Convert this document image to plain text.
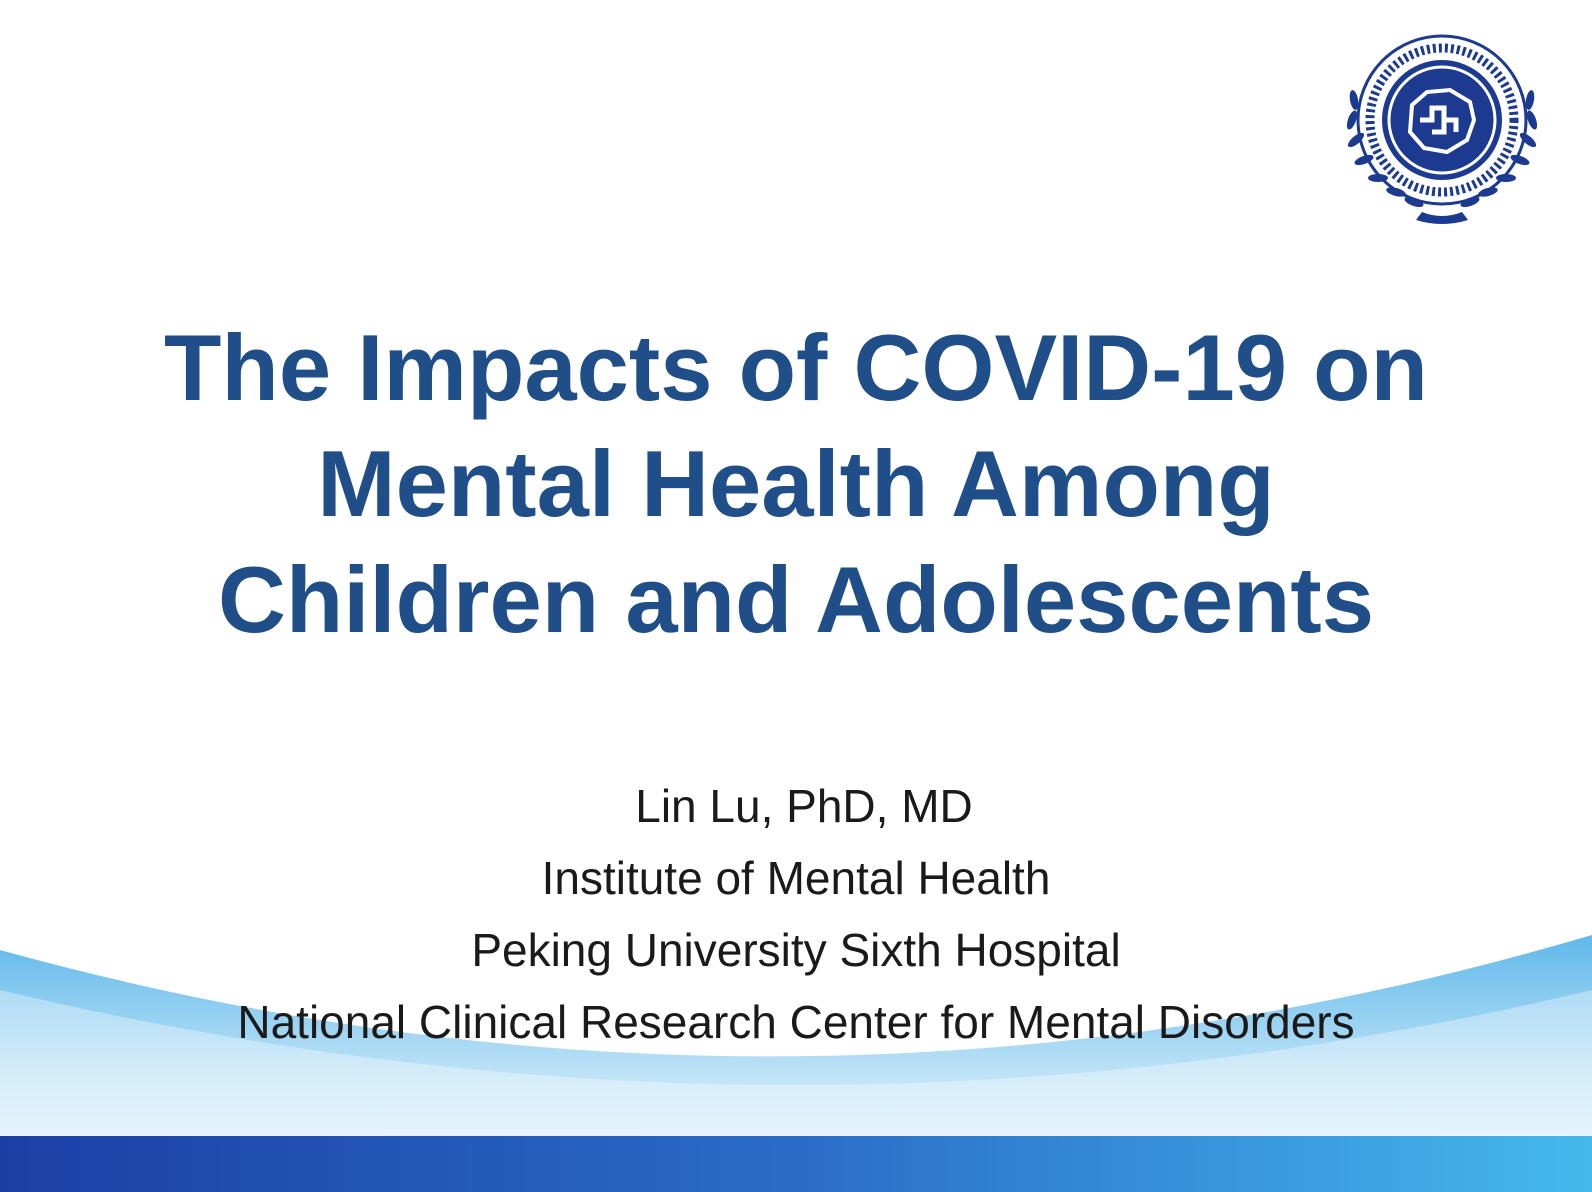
The Impacts of COVID-19 on
Mental Health Among
Children and Adolescents
Lin Lu, PhD, MD
Institute of Mental Health
Peking University Sixth Hospital
National Clinical Research Center for Mental Disorders
